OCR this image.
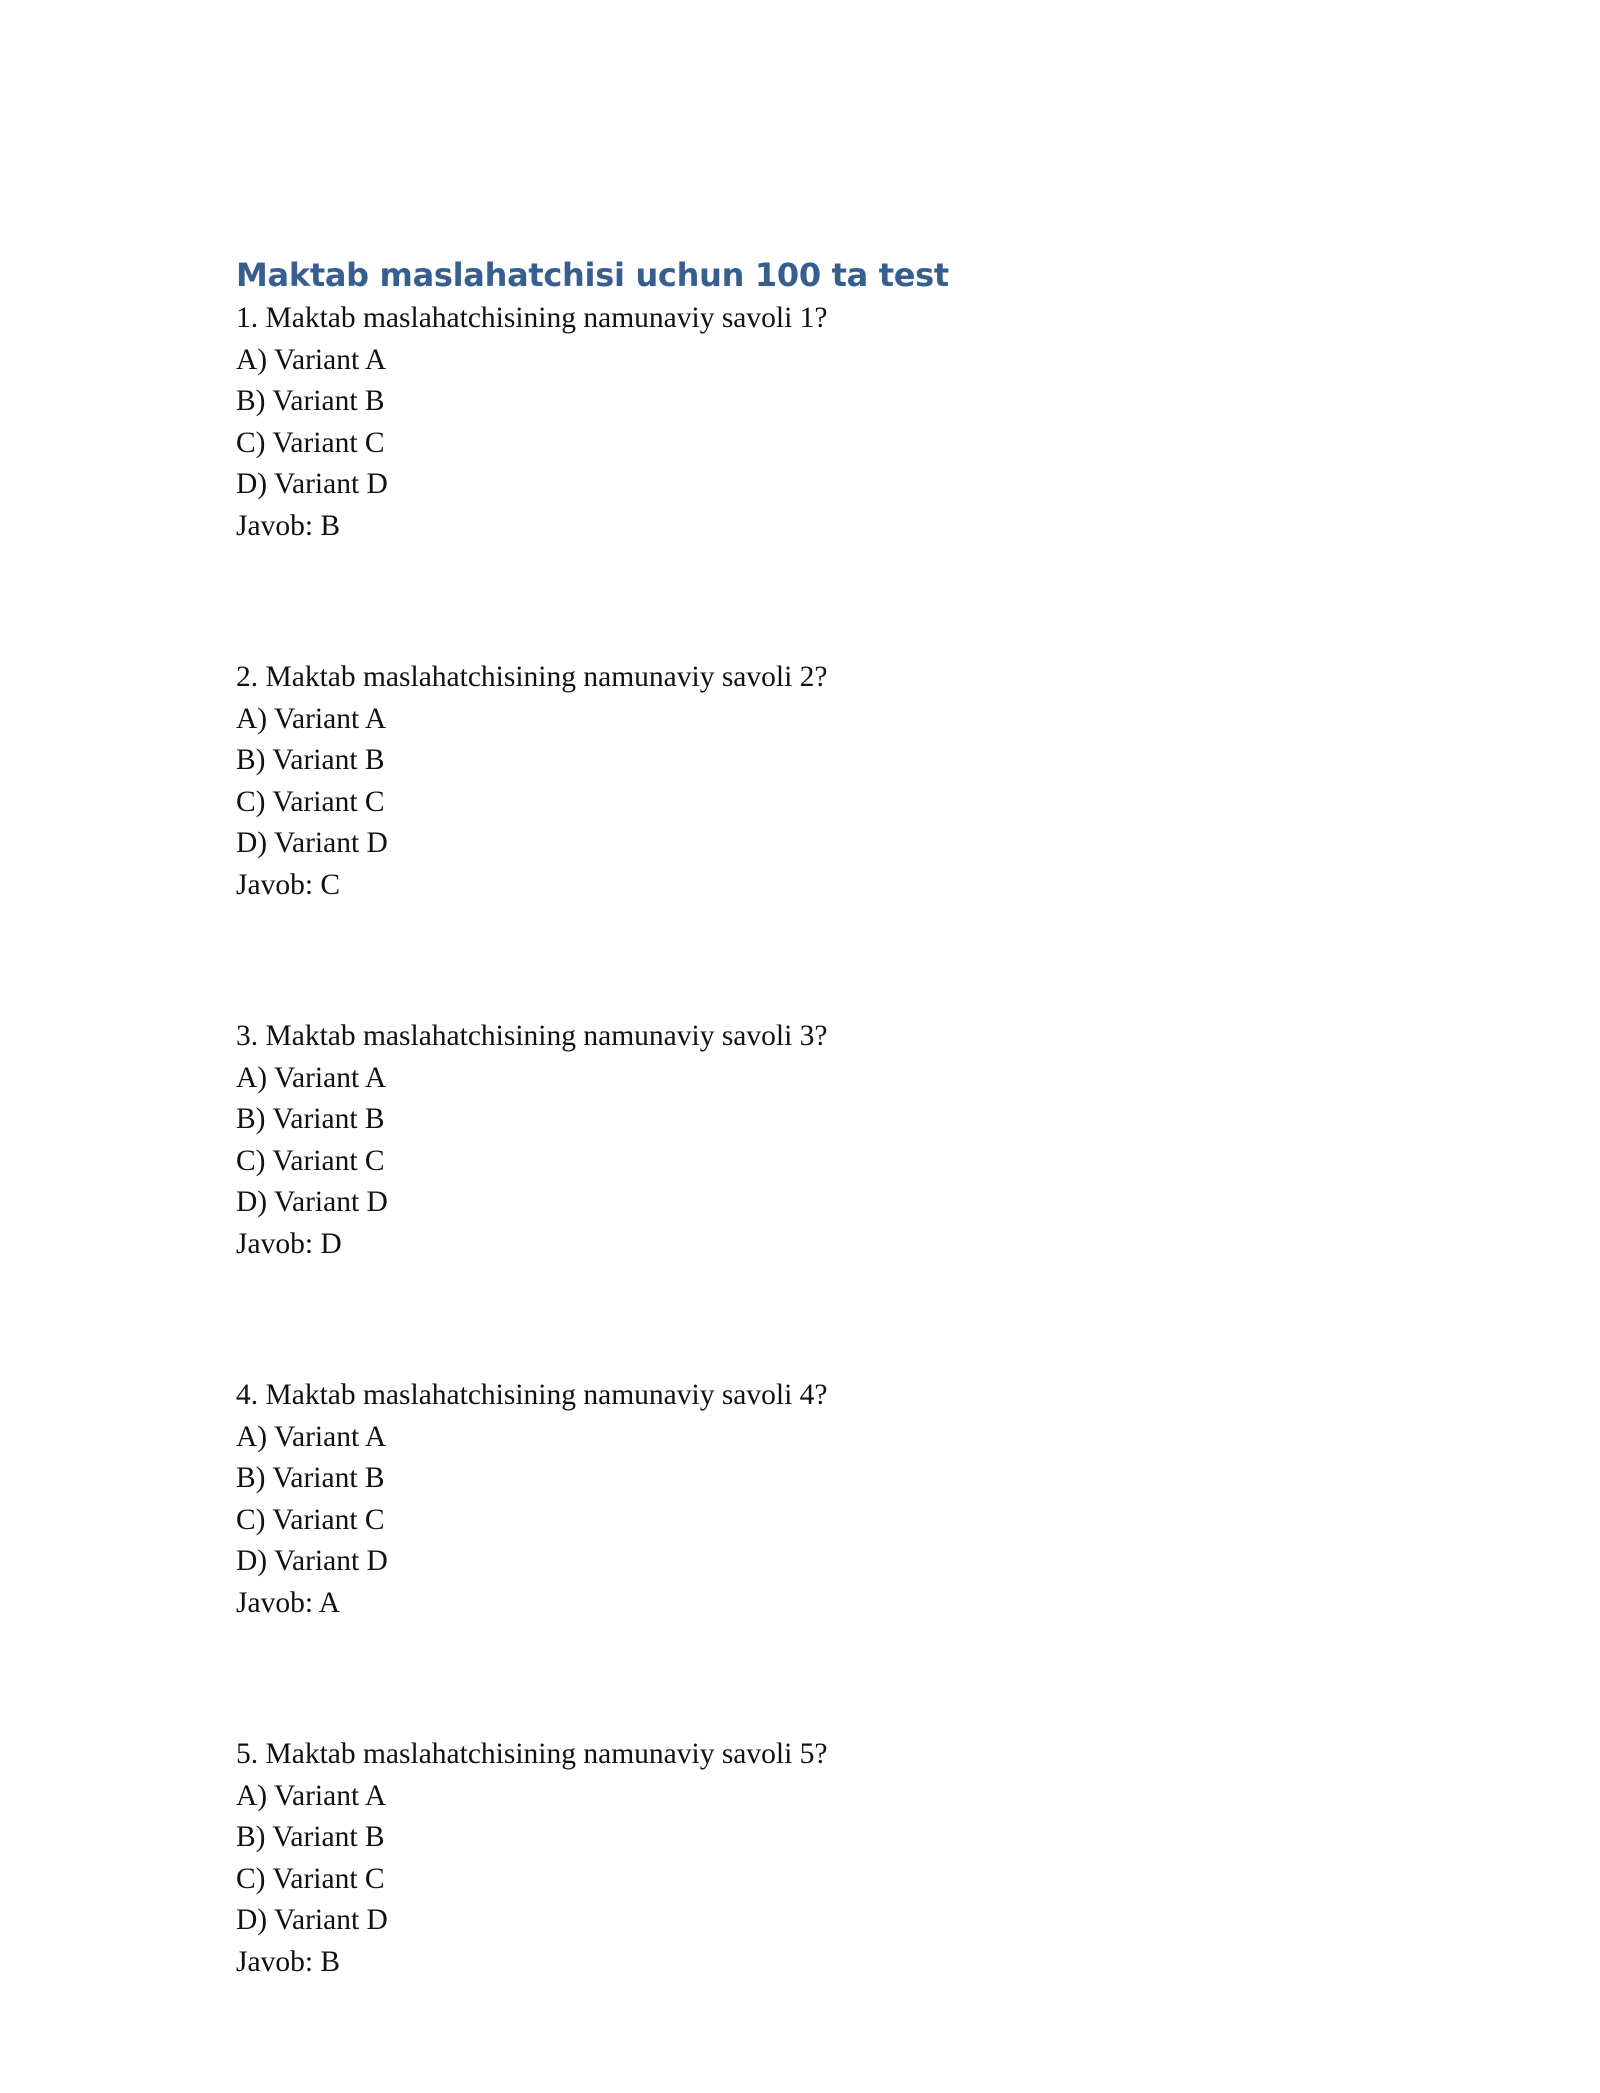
Maktab maslahatchisi uchun 100 ta test
1. Maktab maslahatchisining namunaviy savoli 1?
A) Variant A
B) Variant B
C) Variant C
D) Variant D
Javob: B
2. Maktab maslahatchisining namunaviy savoli 2?
A) Variant A
B) Variant B
C) Variant C
D) Variant D
Javob: C
3. Maktab maslahatchisining namunaviy savoli 3?
A) Variant A
B) Variant B
C) Variant C
D) Variant D
Javob: D
4. Maktab maslahatchisining namunaviy savoli 4?
A) Variant A
B) Variant B
C) Variant C
D) Variant D
Javob: A
5. Maktab maslahatchisining namunaviy savoli 5?
A) Variant A
B) Variant B
C) Variant C
D) Variant D
Javob: B
